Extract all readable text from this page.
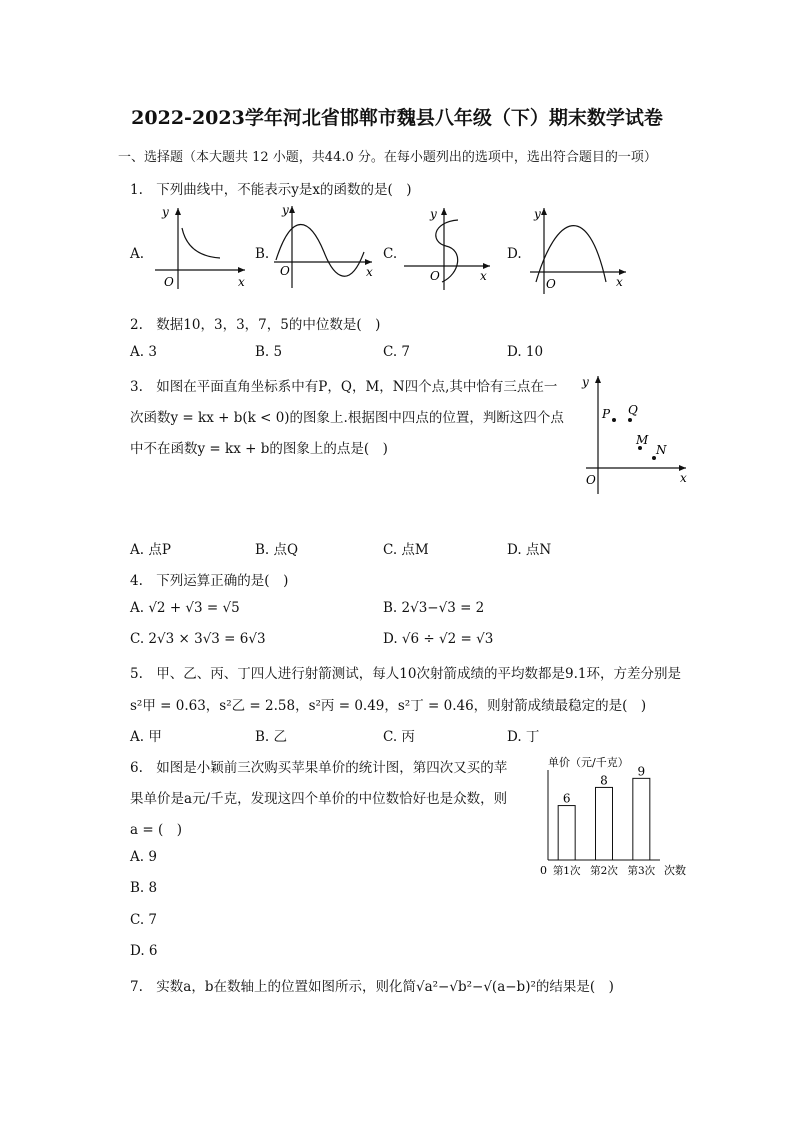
2022-2023学年河北省邯郸市魏县八年级（下）期末数学试卷
一、选择题（本大题共 12 小题，共44.0 分。在每小题列出的选项中，选出符合题目的一项）
1. 下列曲线中，不能表示y是x的函数的是(　)
A.
y
x
O
B.
y
x
O
C.
y
x
O
D.
y
x
O
2. 数据10，3，3，7，5的中位数是(　)
A. 3	B. 5	C. 7	D. 10
3. 如图在平面直角坐标系中有P，Q，M，N四个点,其中恰有三点在一
次函数y = kx + b(k < 0)的图象上.根据图中四点的位置，判断这四个点
中不在函数y = kx + b的图象上的点是(　)
y
x
O
P Q
M
N
A. 点P	B. 点Q	C. 点M	D. 点N
4. 下列运算正确的是(　)
A. √2 + √3 = √5	B. 2√3−√3 = 2
C. 2√3 × 3√3 = 6√3	D. √6 ÷ √2 = √3
5. 甲、乙、丙、丁四人进行射箭测试，每人10次射箭成绩的平均数都是9.1环，方差分别是
s²甲 = 0.63，s²乙 = 2.58，s²丙 = 0.49，s²丁 = 0.46，则射箭成绩最稳定的是(　)
A. 甲	B. 乙	C. 丙	D. 丁
6. 如图是小颖前三次购买苹果单价的统计图，第四次又买的苹
果单价是a元/千克，发现这四个单价的中位数恰好也是众数，则
a = (　)
A. 9
B. 8
C. 7
D. 6
单价（元/千克）
0	次数
6
第1次
8
第2次
9
第3次
7. 实数a，b在数轴上的位置如图所示，则化简√a²−√b²−√(a−b)²的结果是(　)
